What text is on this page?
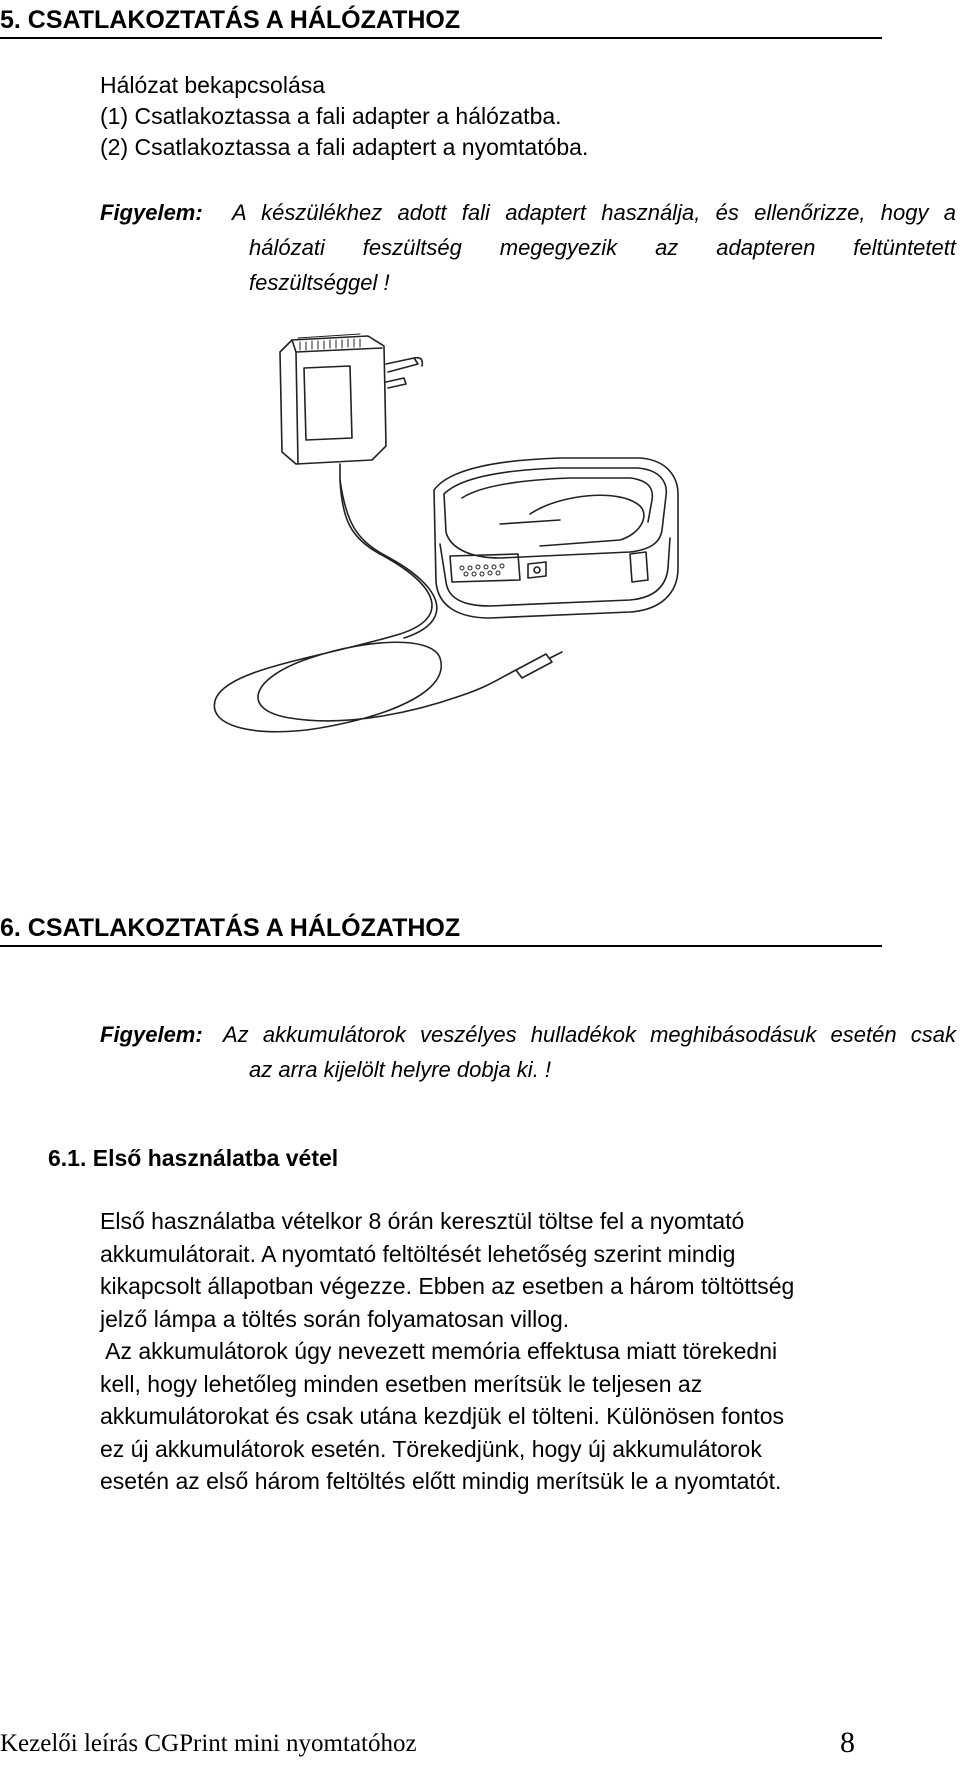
5. CSATLAKOZTATÁS A HÁLÓZATHOZ
Hálózat bekapcsolása
(1) Csatlakoztassa a fali adapter a hálózatba.
(2) Csatlakoztassa a fali adaptert a nyomtatóba.
Figyelem: A készülékhez adott fali adaptert használja, és ellenőrizze, hogy a
hálózati feszültség megegyezik az adapteren feltüntetett
feszültséggel !
6. CSATLAKOZTATÁS A HÁLÓZATHOZ
Figyelem: Az akkumulátorok veszélyes hulladékok meghibásodásuk esetén csak
az arra kijelölt helyre dobja ki. !
6.1. Első használatba vétel
Első használatba vételkor 8 órán keresztül töltse fel a nyomtató
akkumulátorait. A nyomtató feltöltését lehetőség szerint mindig
kikapcsolt állapotban végezze. Ebben az esetben a három töltöttség
jelző lámpa a töltés során folyamatosan villog.
Az akkumulátorok úgy nevezett memória effektusa miatt törekedni
kell, hogy lehetőleg minden esetben merítsük le teljesen az
akkumulátorokat és csak utána kezdjük el tölteni. Különösen fontos
ez új akkumulátorok esetén. Törekedjünk, hogy új akkumulátorok
esetén az első három feltöltés előtt mindig merítsük le a nyomtatót.
Kezelői leírás CGPrint mini nyomtatóhoz	8
